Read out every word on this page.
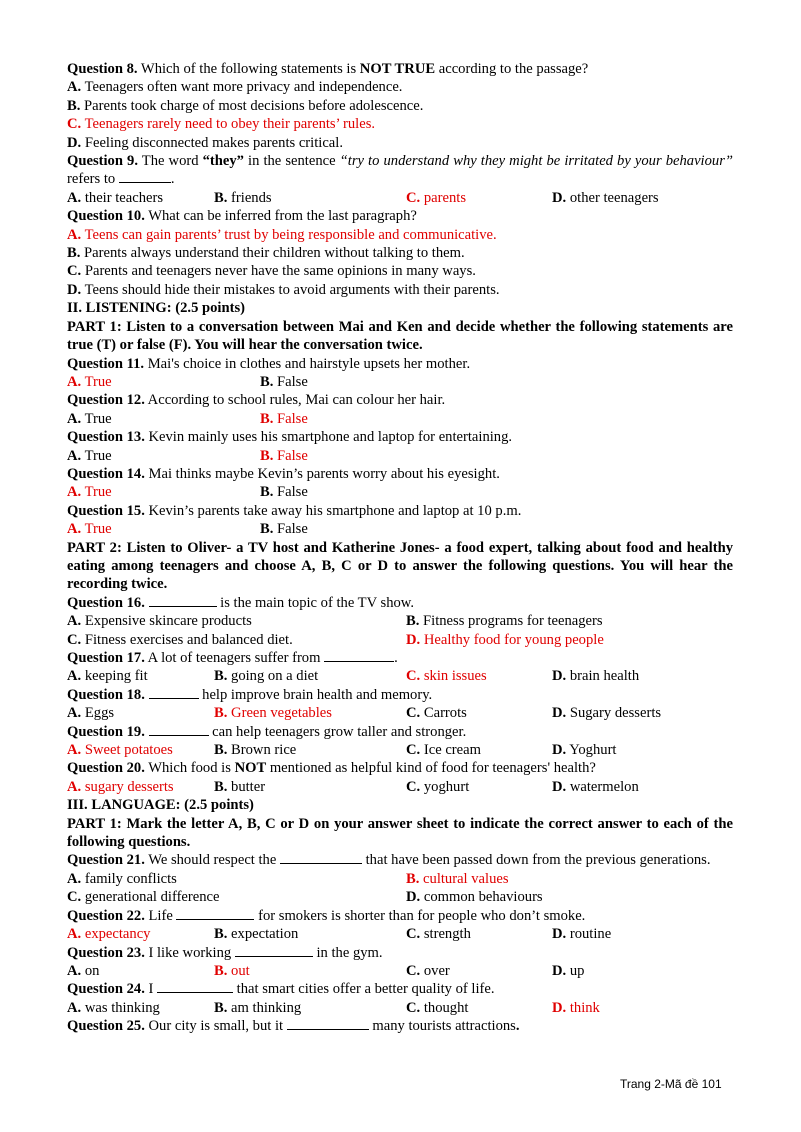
Question 8. Which of the following statements is NOT TRUE according to the passage?
A. Teenagers often want more privacy and independence.
B. Parents took charge of most decisions before adolescence.
C. Teenagers rarely need to obey their parents’ rules.
D. Feeling disconnected makes parents critical.
Question 9. The word “they” in the sentence “try to understand why they might be irritated by your behaviour” refers to	.
A. their teachers	B. friends	C. parents	D. other teenagers
Question 10. What can be inferred from the last paragraph?
A. Teens can gain parents’ trust by being responsible and communicative.
B. Parents always understand their children without talking to them.
C. Parents and teenagers never have the same opinions in many ways.
D. Teens should hide their mistakes to avoid arguments with their parents.
II. LISTENING: (2.5 points)
PART 1: Listen to a conversation between Mai and Ken and decide whether the following statements are true (T) or false (F). You will hear the conversation twice.
Question 11. Mai's choice in clothes and hairstyle upsets her mother.
A. True	B. False
Question 12. According to school rules, Mai can colour her hair.
A. True	B. False
Question 13. Kevin mainly uses his smartphone and laptop for entertaining.
A. True	B. False
Question 14. Mai thinks maybe Kevin’s parents worry about his eyesight.
A. True	B. False
Question 15. Kevin’s parents take away his smartphone and laptop at 10 p.m.
A. True	B. False
PART 2: Listen to Oliver- a TV host and Katherine Jones- a food expert, talking about food and healthy eating among teenagers and choose A, B, C or D to answer the following questions. You will hear the recording twice.
Question 16.	is the main topic of the TV show.
A. Expensive skincare products	B. Fitness programs for teenagers
C. Fitness exercises and balanced diet.	D. Healthy food for young people
Question 17. A lot of teenagers suffer from	.
A. keeping fit	B. going on a diet	C. skin issues	D. brain health
Question 18.	help improve brain health and memory.
A. Eggs	B. Green vegetables	C. Carrots	D. Sugary desserts
Question 19.	can help teenagers grow taller and stronger.
A. Sweet potatoes	B. Brown rice	C. Ice cream	D. Yoghurt
Question 20. Which food is NOT mentioned as helpful kind of food for teenagers' health?
A. sugary desserts	B. butter	C. yoghurt	D. watermelon
III. LANGUAGE: (2.5 points)
PART 1: Mark the letter A, B, C or D on your answer sheet to indicate the correct answer to each of the following questions.
Question 21. We should respect the	that have been passed down from the previous generations.
A. family conflicts	B. cultural values
C. generational difference	D. common behaviours
Question 22. Life	for smokers is shorter than for people who don’t smoke.
A. expectancy	B. expectation	C. strength	D. routine
Question 23. I like working	in the gym.
A. on	B. out	C. over	D. up
Question 24. I	that smart cities offer a better quality of life.
A. was thinking	B. am thinking	C. thought	D. think
Question 25. Our city is small, but it	many tourists attractions.
Trang 2-Mã đề 101
